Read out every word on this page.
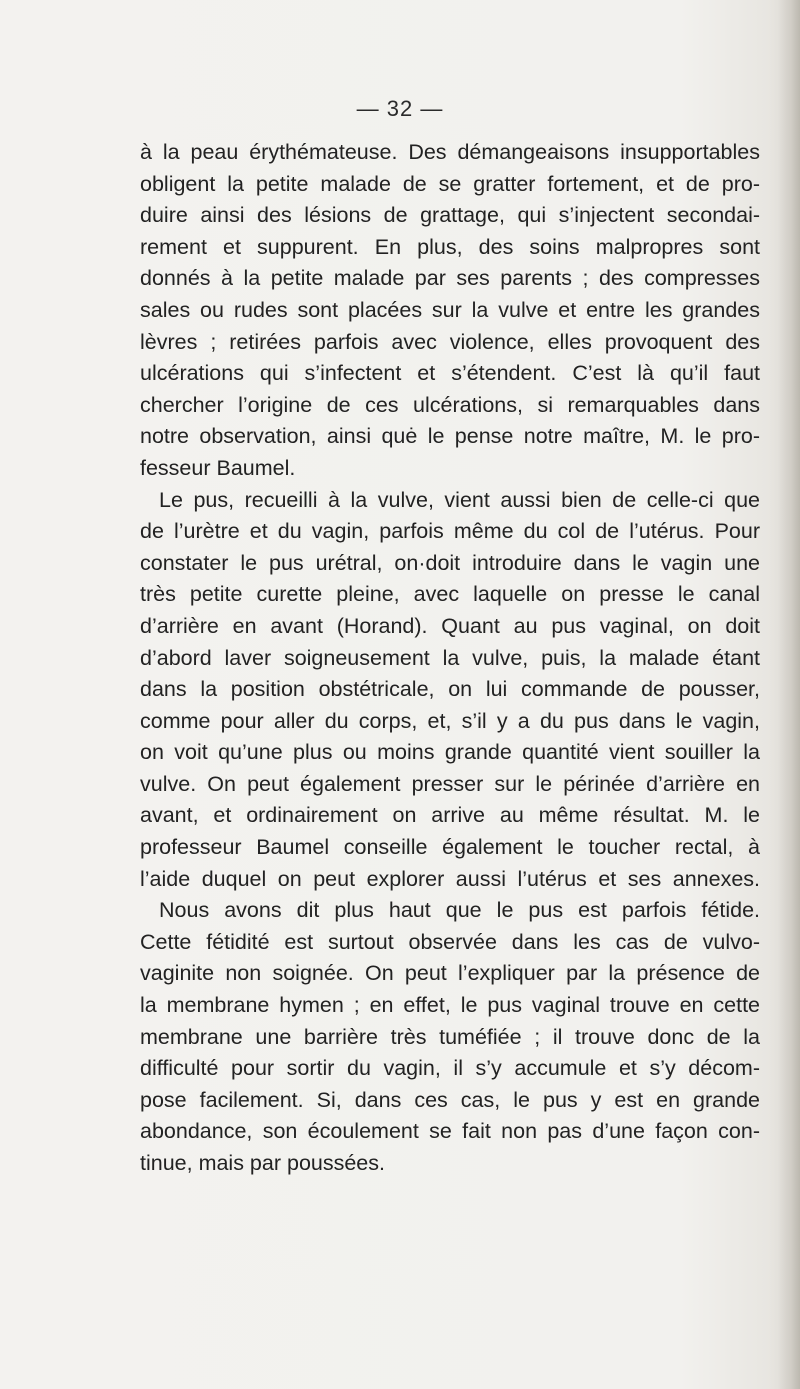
— 32 —
à la peau érythémateuse. Des démangeaisons insupportables
obligent la petite malade de se gratter fortement, et de pro-
duire ainsi des lésions de grattage, qui s’injectent secondai-
rement et suppurent. En plus, des soins malpropres sont
donnés à la petite malade par ses parents ; des compresses
sales ou rudes sont placées sur la vulve et entre les grandes
lèvres ; retirées parfois avec violence, elles provoquent des
ulcérations qui s’infectent et s’étendent. C’est là qu’il faut
chercher l’origine de ces ulcérations, si remarquables dans
notre observation, ainsi quė le pense notre maître, M. le pro-
fesseur Baumel.
Le pus, recueilli à la vulve, vient aussi bien de celle-ci que
de l’urètre et du vagin, parfois même du col de l’utérus. Pour
constater le pus urétral, on·doit introduire dans le vagin une
très petite curette pleine, avec laquelle on presse le canal
d’arrière en avant (Horand). Quant au pus vaginal, on doit
d’abord laver soigneusement la vulve, puis, la malade étant
dans la position obstétricale, on lui commande de pousser,
comme pour aller du corps, et, s’il y a du pus dans le vagin,
on voit qu’une plus ou moins grande quantité vient souiller la
vulve. On peut également presser sur le périnée d’arrière en
avant, et ordinairement on arrive au même résultat. M. le
professeur Baumel conseille également le toucher rectal, à
l’aide duquel on peut explorer aussi l’utérus et ses annexes.
Nous avons dit plus haut que le pus est parfois fétide.
Cette fétidité est surtout observée dans les cas de vulvo-
vaginite non soignée. On peut l’expliquer par la présence de
la membrane hymen ; en effet, le pus vaginal trouve en cette
membrane une barrière très tuméfiée ; il trouve donc de la
difficulté pour sortir du vagin, il s’y accumule et s’y décom-
pose facilement. Si, dans ces cas, le pus y est en grande
abondance, son écoulement se fait non pas d’une façon con-
tinue, mais par poussées.
